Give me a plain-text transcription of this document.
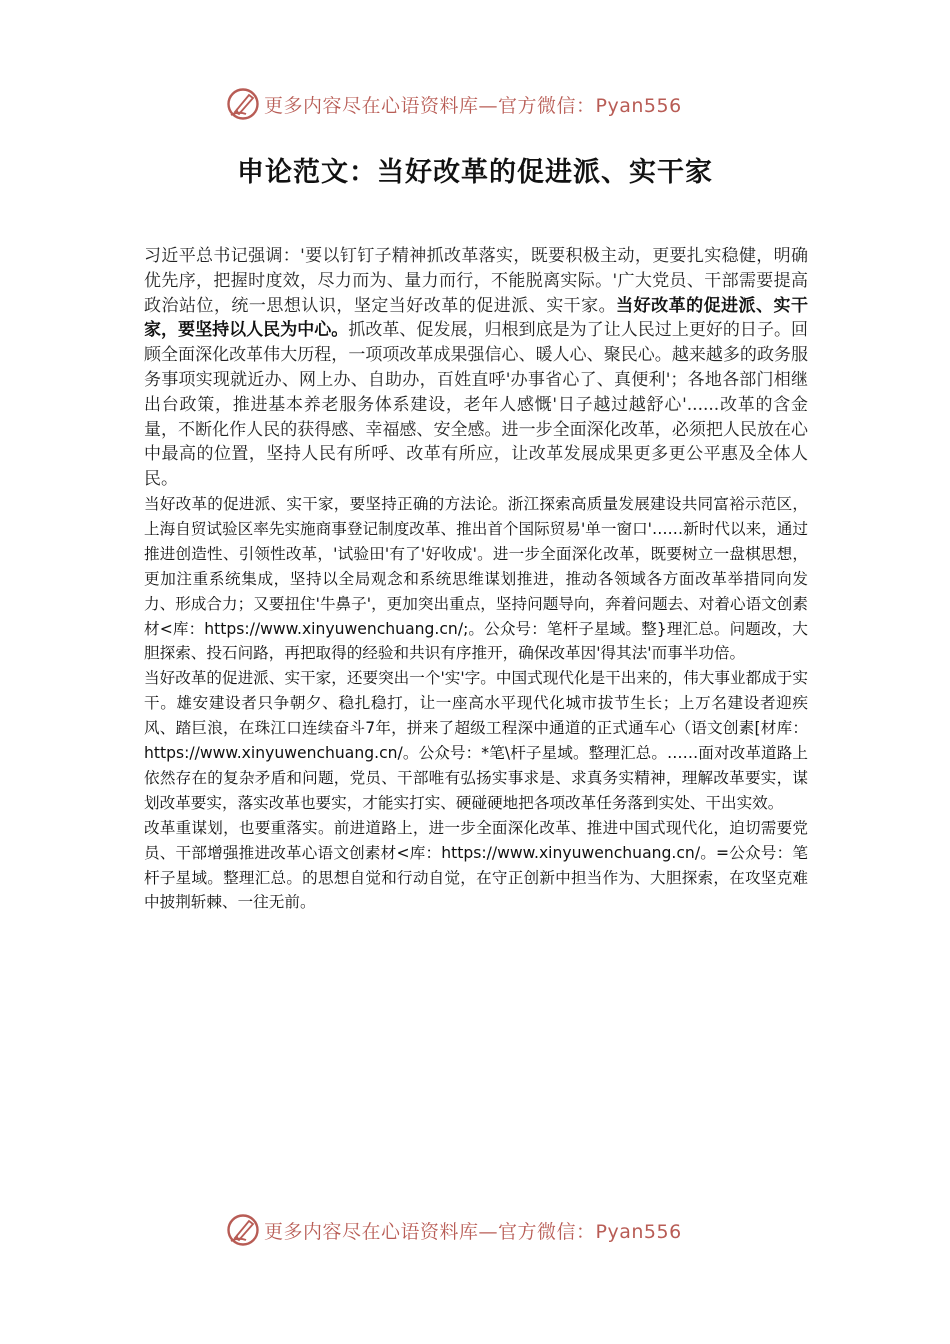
更多内容尽在心语资料库—官方微信：Pyan556
申论范文：当好改革的促进派、实干家

习近平总书记强调：'要以钉钉子精神抓改革落实，既要积极主动，更要扎实稳健，明确优先序，把握时度效，尽力而为、量力而行，不能脱离实际。'广大党员、干部需要提高政治站位，统一思想认识，坚定当好改革的促进派、实干家。当好改革的促进派、实干家，要坚持以人民为中心。抓改革、促发展，归根到底是为了让人民过上更好的日子。回顾全面深化改革伟大历程，一项项改革成果强信心、暖人心、聚民心。越来越多的政务服务事项实现就近办、网上办、自助办，百姓直呼'办事省心了、真便利'；各地各部门相继出台政策，推进基本养老服务体系建设，老年人感慨'日子越过越舒心'......改革的含金量，不断化作人民的获得感、幸福感、安全感。进一步全面深化改革，必须把人民放在心中最高的位置，坚持人民有所呼、改革有所应，让改革发展成果更多更公平惠及全体人民。

当好改革的促进派、实干家，要坚持正确的方法论。浙江探索高质量发展建设共同富裕示范区，上海自贸试验区率先实施商事登记制度改革、推出首个国际贸易'单一窗口'……新时代以来，通过推进创造性、引领性改革，'试验田'有了'好收成'。进一步全面深化改革，既要树立一盘棋思想，更加注重系统集成，坚持以全局观念和系统思维谋划推进，推动各领域各方面改革举措同向发力、形成合力；又要扭住'牛鼻子'，更加突出重点，坚持问题导向，奔着问题去、对着心语文创素材<库：https://www.xinyuwenchuang.cn/;。公众号：笔杆子星域。整}理汇总。问题改，大胆探索、投石问路，再把取得的经验和共识有序推开，确保改革因'得其法'而事半功倍。

当好改革的促进派、实干家，还要突出一个'实'字。中国式现代化是干出来的，伟大事业都成于实干。雄安建设者只争朝夕、稳扎稳打，让一座高水平现代化城市拔节生长；上万名建设者迎疾风、踏巨浪，在珠江口连续奋斗7年，拼来了超级工程深中通道的正式通车心（语文创素[材库：https://www.xinyuwenchuang.cn/。公众号：*笔\杆子星域。整理汇总。……面对改革道路上依然存在的复杂矛盾和问题，党员、干部唯有弘扬实事求是、求真务实精神，理解改革要实，谋划改革要实，落实改革也要实，才能实打实、硬碰硬地把各项改革任务落到实处、干出实效。

改革重谋划，也要重落实。前进道路上，进一步全面深化改革、推进中国式现代化，迫切需要党员、干部增强推进改革心语文创素材<库：https://www.xinyuwenchuang.cn/。=公众号：笔杆子星域。整理汇总。的思想自觉和行动自觉，在守正创新中担当作为、大胆探索，在攻坚克难中披荆斩棘、一往无前。

更多内容尽在心语资料库—官方微信：Pyan556
